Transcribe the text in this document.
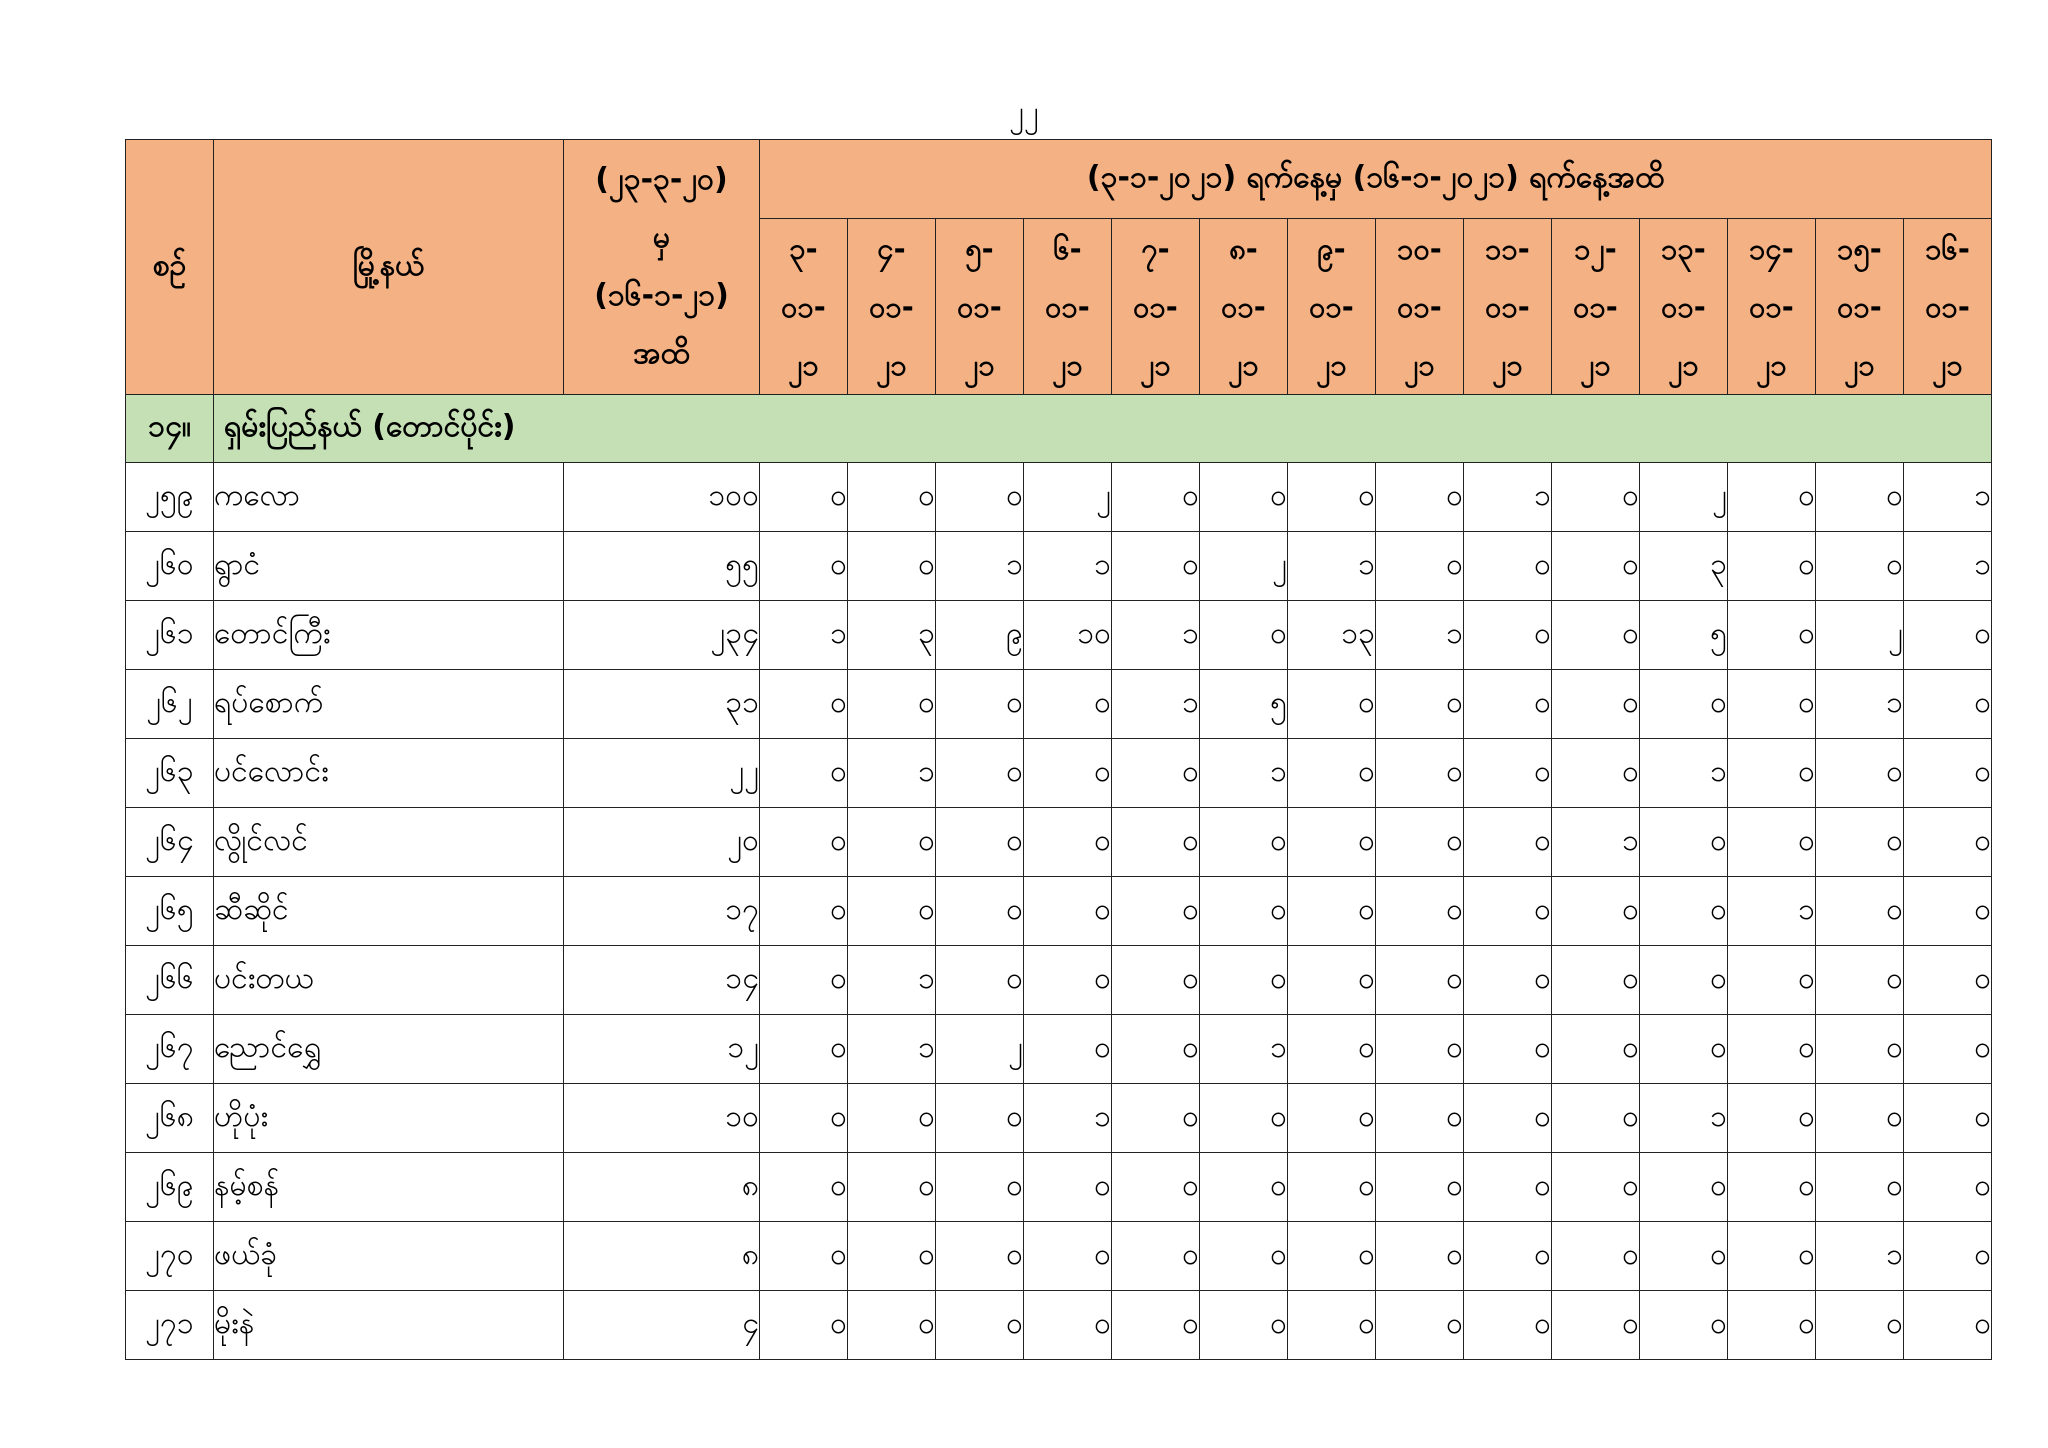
၂၂
စဥ်	မြို့နယ်	(၂၃-၃-၂၀)
မှ
(၁၆-၁-၂၁)
အထိ	(၃-၁-၂၀၂၁) ရက်နေ့မှ (၁၆-၁-၂၀၂၁) ရက်နေ့အထိ													

			၃-
၀၁-
၂၁	၄-
၀၁-
၂၁	၅-
၀၁-
၂၁	၆-
၀၁-
၂၁	၇-
၀၁-
၂၁	၈-
၀၁-
၂၁	၉-
၀၁-
၂၁	၁၀-
၀၁-
၂၁	၁၁-
၀၁-
၂၁	၁၂-
၀၁-
၂၁	၁၃-
၀၁-
၂၁	၁၄-
၀၁-
၂၁	၁၅-
၀၁-
၂၁	၁၆-
၀၁-
၂၁

၁၄။	ရှမ်းပြည်နယ် (တောင်ပိုင်း)															
၂၅၉	ကလော	၁၀၀	၀	၀	၀	၂	၀	၀	၀	၀	၁	၀	၂	၀	၀	၁
၂၆၀	ရွာငံ	၅၅	၀	၀	၁	၁	၀	၂	၁	၀	၀	၀	၃	၀	၀	၁
၂၆၁	တောင်ကြီး	၂၃၄	၁	၃	၉	၁၀	၁	၀	၁၃	၁	၀	၀	၅	၀	၂	၀
၂၆၂	ရပ်စောက်	၃၁	၀	၀	၀	၀	၁	၅	၀	၀	၀	၀	၀	၀	၁	၀
၂၆၃	ပင်လောင်း	၂၂	၀	၁	၀	၀	၀	၁	၀	၀	၀	၀	၁	၀	၀	၀
၂၆၄	လွိုင်လင်	၂၀	၀	၀	၀	၀	၀	၀	၀	၀	၀	၁	၀	၀	၀	၀
၂၆၅	ဆီဆိုင်	၁၇	၀	၀	၀	၀	၀	၀	၀	၀	၀	၀	၀	၁	၀	၀
၂၆၆	ပင်းတယ	၁၄	၀	၁	၀	၀	၀	၀	၀	၀	၀	၀	၀	၀	၀	၀
၂၆၇	ညောင်ရွှေ	၁၂	၀	၁	၂	၀	၀	၁	၀	၀	၀	၀	၀	၀	၀	၀
၂၆၈	ဟိုပုံး	၁၀	၀	၀	၀	၁	၀	၀	၀	၀	၀	၀	၁	၀	၀	၀
၂၆၉	နမ့်စန်	၈	၀	၀	၀	၀	၀	၀	၀	၀	၀	၀	၀	၀	၀	၀
၂၇၀	ဖယ်ခုံ	၈	၀	၀	၀	၀	၀	၀	၀	၀	၀	၀	၀	၀	၁	၀
၂၇၁	မိုးနဲ	၄	၀	၀	၀	၀	၀	၀	၀	၀	၀	၀	၀	၀	၀	၀
